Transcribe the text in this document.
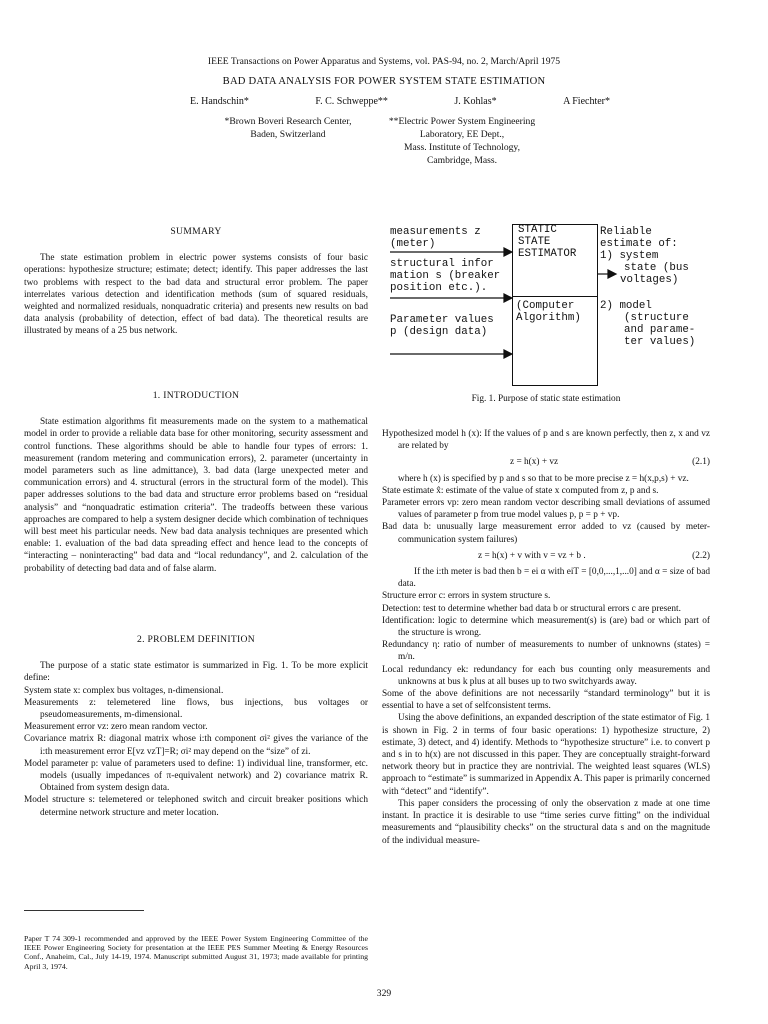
IEEE Transactions on Power Apparatus and Systems, vol. PAS-94, no. 2, March/April 1975
BAD DATA ANALYSIS FOR POWER SYSTEM STATE ESTIMATION
E. Handschin*	F. C. Schweppe**	J. Kohlas*	A Fiechter*
*Brown Boveri Research Center,
Baden, Switzerland
**Electric Power System Engineering
Laboratory, EE Dept.,
Mass. Institute of Technology,
Cambridge, Mass.
SUMMARY

The state estimation problem in electric power systems consists of four basic operations: hypothesize structure; estimate; detect; identify. This paper addresses the last two problems with respect to the bad data and structural error problem. The paper interrelates various detection and identification methods (sum of squared residuals, weighted and normalized residuals, nonquadratic criteria) and presents new results on bad data analysis (probability of detection, effect of bad data). The theoretical results are illustrated by means of a 25 bus network.

1. INTRODUCTION

State estimation algorithms fit measurements made on the system to a mathematical model in order to provide a reliable data base for other monitoring, security assessment and control functions. These algorithms should be able to handle four types of errors: 1. measurement (random metering and communication errors), 2. parameter (uncertainty in model parameters such as line admittance), 3. bad data (large unexpected meter and communication errors) and 4. structural (errors in the structural form of the model). This paper addresses solutions to the bad data and structure error problems based on “residual analysis” and “nonquadratic estimation criteria”. The tradeoffs between these various approaches are compared to help a system designer decide which combination of techniques will best meet his particular needs. New bad data analysis techniques are presented which enable: 1. evaluation of the bad data spreading effect and hence lead to the concepts of “interacting – noninteracting” bad data and “local redundancy”, and 2. calculation of the probability of detecting bad data and of false alarm.

2. PROBLEM DEFINITION

The purpose of a static state estimator is summarized in Fig. 1. To be more explicit define:

System state x: complex bus voltages, n-dimensional.

Measurements z: telemetered line flows, bus injections, bus voltages or pseudomeasurements, m-dimensional.

Measurement error vz: zero mean random vector.

Covariance matrix R: diagonal matrix whose i:th component σi² gives the variance of the i:th measurement error E[vz vzT]=R; σi² may depend on the “size” of zi.

Model parameter p: value of parameters used to define: 1) individual line, transformer, etc. models (usually impedances of π-equivalent network) and 2) covariance matrix R. Obtained from system design data.

Model structure s: telemetered or telephoned switch and circuit breaker positions which determine network structure and meter location.

Paper T 74 309-1 recommended and approved by the IEEE Power System Engineering Committee of the IEEE Power Engineering Society for presentation at the IEEE PES Summer Meeting & Energy Resources Conf., Anaheim, Cal., July 14-19, 1974. Manuscript submitted August 31, 1973; made available for printing April 3, 1974.
measurements z
(meter)
structural infor
mation s (breaker
position etc.).
Parameter values
p (design data)
STATIC
STATE
ESTIMATOR
(Computer
Algorithm)
Reliable
estimate of:
1) system
state (bus
voltages)
2) model
(structure
and parame-
ter values)
Fig. 1. Purpose of static state estimation

Hypothesized model h (x): If the values of p and s are known perfectly, then z, x and vz are related by

z = h(x) + vz	(2.1)

where h (x) is specified by p and s so that to be more precise z = h(x,p,s) + vz.

State estimate x̂: estimate of the value of state x computed from z, p and s.

Parameter errors vp: zero mean random vector describing small deviations of assumed values of parameter p from true model values p, p = p + vp.

Bad data b: unusually large measurement error added to vz (caused by meter-communication system failures)

z = h(x) + v with v = vz + b .	(2.2)

If the i:th meter is bad then b = ei α with eiT = [0,0,...,1,...0] and α = size of bad data.

Structure error c: errors in system structure s.

Detection: test to determine whether bad data b or structural errors c are present.

Identification: logic to determine which measurement(s) is (are) bad or which part of the structure is wrong.

Redundancy η: ratio of number of measurements to number of unknowns (states) = m/n.

Local redundancy ek: redundancy for each bus counting only measurements and unknowns at bus k plus at all buses up to two switchyards away.

Some of the above definitions are not necessarily “standard terminology” but it is essential to have a set of selfconsistent terms.

Using the above definitions, an expanded description of the state estimator of Fig. 1 is shown in Fig. 2 in terms of four basic operations: 1) hypothesize structure, 2) estimate, 3) detect, and 4) identify. Methods to “hypothesize structure” i.e. to convert p and s in to h(x) are not discussed in this paper. They are conceptually straight-forward network theory but in practice they are nontrivial. The weighted least squares (WLS) approach to “estimate” is summarized in Appendix A. This paper is primarily concerned with “detect” and “identify”.

This paper considers the processing of only the observation z made at one time instant. In practice it is desirable to use “time series curve fitting” on the individual measurements and “plausibility checks” on the structural data s and on the magnitude of the individual measure-

329
